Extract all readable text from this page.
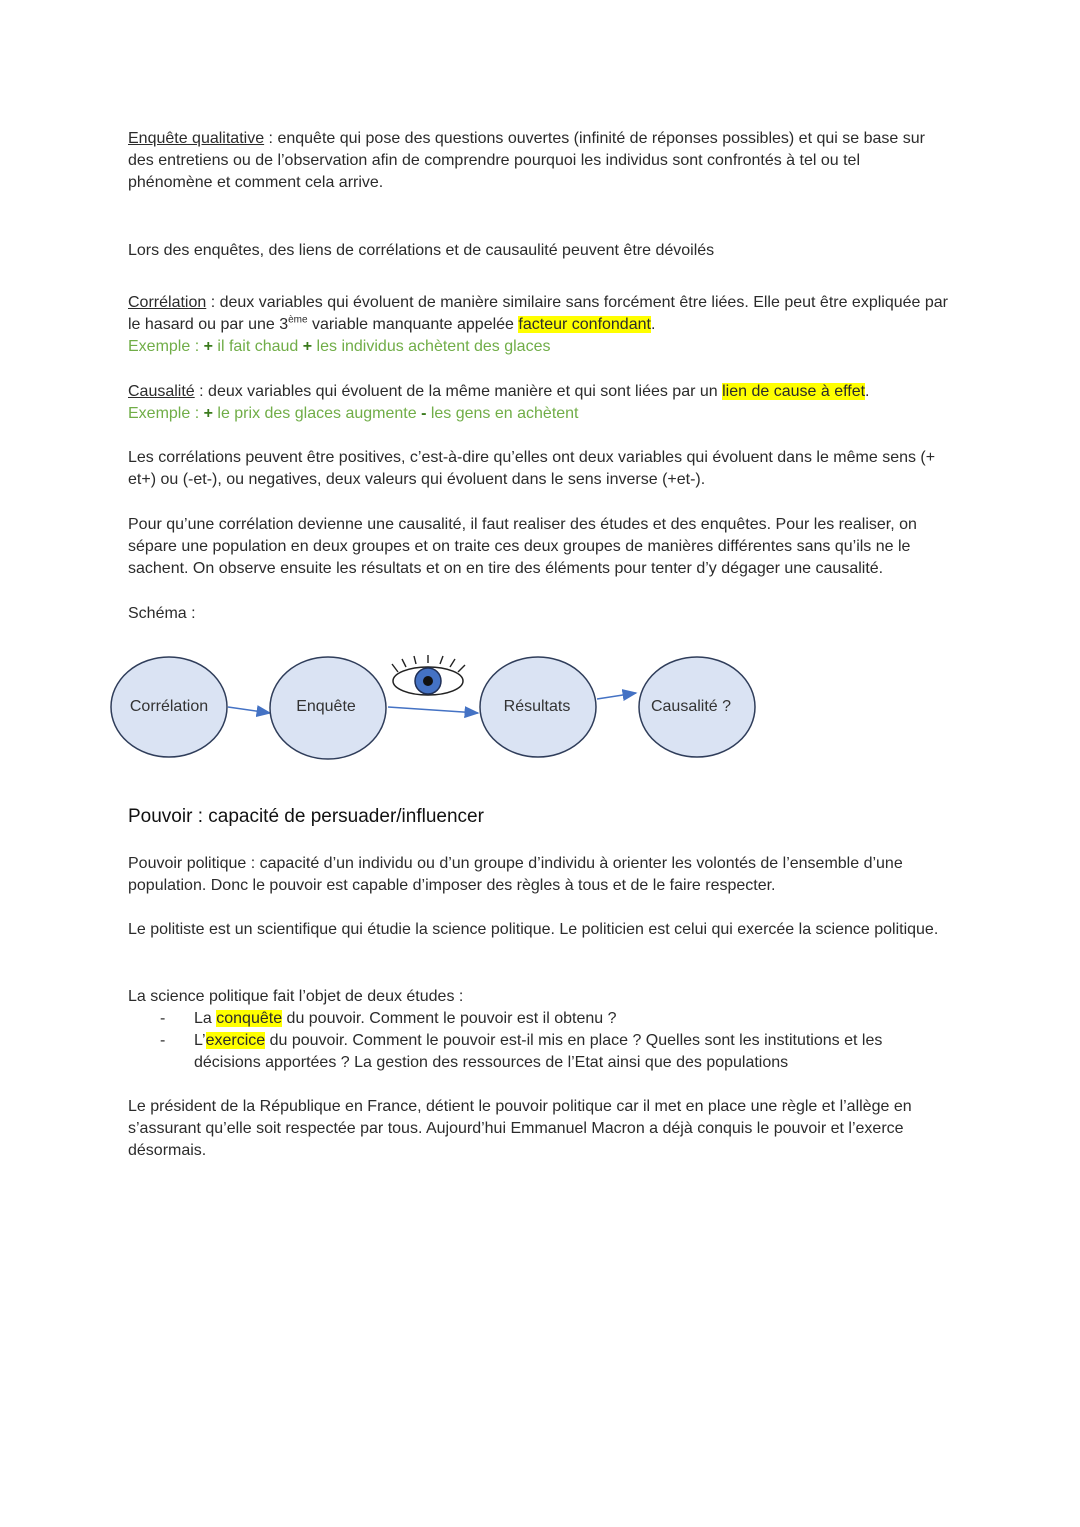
Enquête qualitative : enquête qui pose des questions ouvertes (infinité de réponses possibles) et qui se base sur des entretiens ou de l’observation afin de comprendre pourquoi les individus sont confrontés à tel ou tel phénomène et comment cela arrive.

Lors des enquêtes, des liens de corrélations et de causaulité peuvent être dévoilés

Corrélation : deux variables qui évoluent de manière similaire sans forcément être liées. Elle peut être expliquée par le hasard ou par une 3ème variable manquante appelée facteur confondant.

Exemple : + il fait chaud + les individus achètent des glaces

Causalité : deux variables qui évoluent de la même manière et qui sont liées par un lien de cause à effet.

Exemple : + le prix des glaces augmente - les gens en achètent

Les corrélations peuvent être positives, c’est-à-dire qu’elles ont deux variables qui évoluent dans le même sens (+ et+) ou (-et-), ou negatives, deux valeurs qui évoluent dans le sens inverse (+et-).

Pour qu’une corrélation devienne une causalité, il faut realiser des études et des enquêtes. Pour les realiser, on sépare une population en deux groupes et on traite ces deux groupes de manières différentes sans qu’ils ne le sachent. On observe ensuite les résultats et on en tire des éléments pour tenter d’y dégager une causalité.

Schéma :

Pouvoir : capacité de persuader/influencer

Pouvoir politique : capacité d’un individu ou d’un groupe d’individu à orienter les volontés de l’ensemble d’une population. Donc le pouvoir est capable d’imposer des règles à tous et de le faire respecter.

Le politiste est un scientifique qui étudie la science politique. Le politicien est celui qui exercée la science politique.

La science politique fait l’objet de deux études :

- La conquête du pouvoir. Comment le pouvoir est il obtenu ?
- L’exercice du pouvoir. Comment le pouvoir est-il mis en place ? Quelles sont les institutions et les décisions apportées ? La gestion des ressources de l’Etat ainsi que des populations

Le président de la République en France, détient le pouvoir politique car il met en place une règle et l’allège en s’assurant qu’elle soit respectée par tous. Aujourd’hui Emmanuel Macron a déjà conquis le pouvoir et l’exerce désormais.

Corrélation	Enquête	Résultats	Causalité ?
